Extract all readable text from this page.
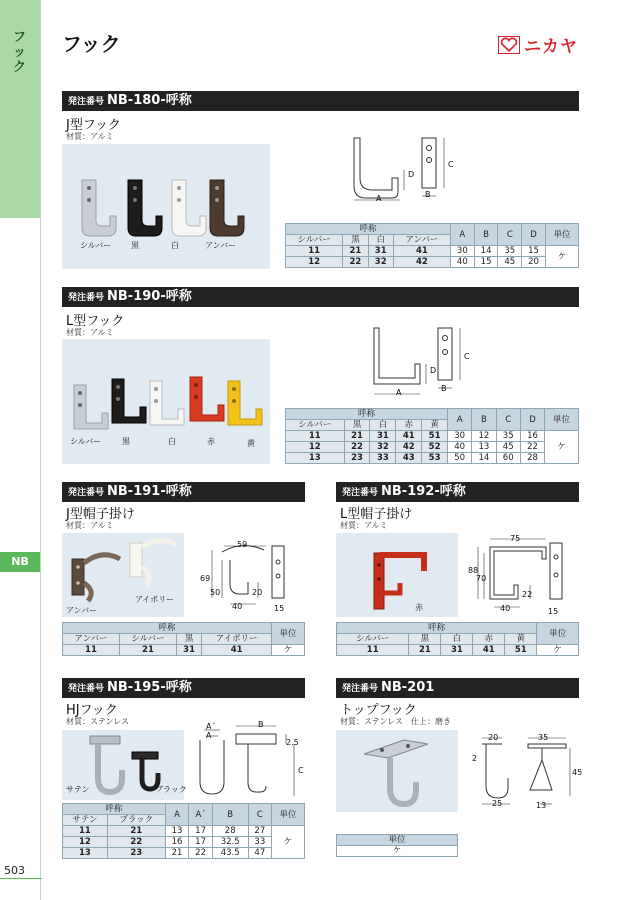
フック
NB
フック	ニカヤ
発注番号 NB-180-呼称
J型フック
材質：アルミ
シルバー 黒	白	アンバー
A	B
C
D
呼称				A	B	C	D	単位
シルバー	黒	白	アンバー					
11	21	31	41	30	14	35	15	ケ
12	22	32	42	40	15	45	20	
発注番号 NB-190-呼称
L型フック
材質：アルミ
シルバー	黒	白	赤	黄
A	B
C
D
呼称					A	B	C	D	単位
シルバー	黒	白	赤	黄					
11	21	31	41	51	30	12	35	16	ケ
12	22	32	42	52	40	13	45	22	
13	23	33	43	53	50	14	60	28	
発注番号 NB-191-呼称
J型帽子掛け
材質：アルミ
アンバー
アイボリー
59
69
50
40
20
15
呼称				単位
アンバー	シルバー	黒	アイボリー	
11	21	31	41	ケ
発注番号 NB-192-呼称
L型帽子掛け
材質：アルミ
赤
75
88
70
22
40	15
呼称					単位
シルバー	黒	白	赤	黄	
11	21	31	41	51	ケ
発注番号 NB-195-呼称
HJフック
材質：ステンレス
サテン	ブラック
A´
A
B
2.5
C
呼称		A	A´	B	C	単位
サテン	ブラック					
11	21	13	17	28	27	ケ
12	22	16	17	32.5	33	
13	23	21	22	43.5	47	
発注番号 NB-201
トップフック
材質：ステンレス　仕上：磨き
20
2
25
35
45
13
単位
ケ
503
